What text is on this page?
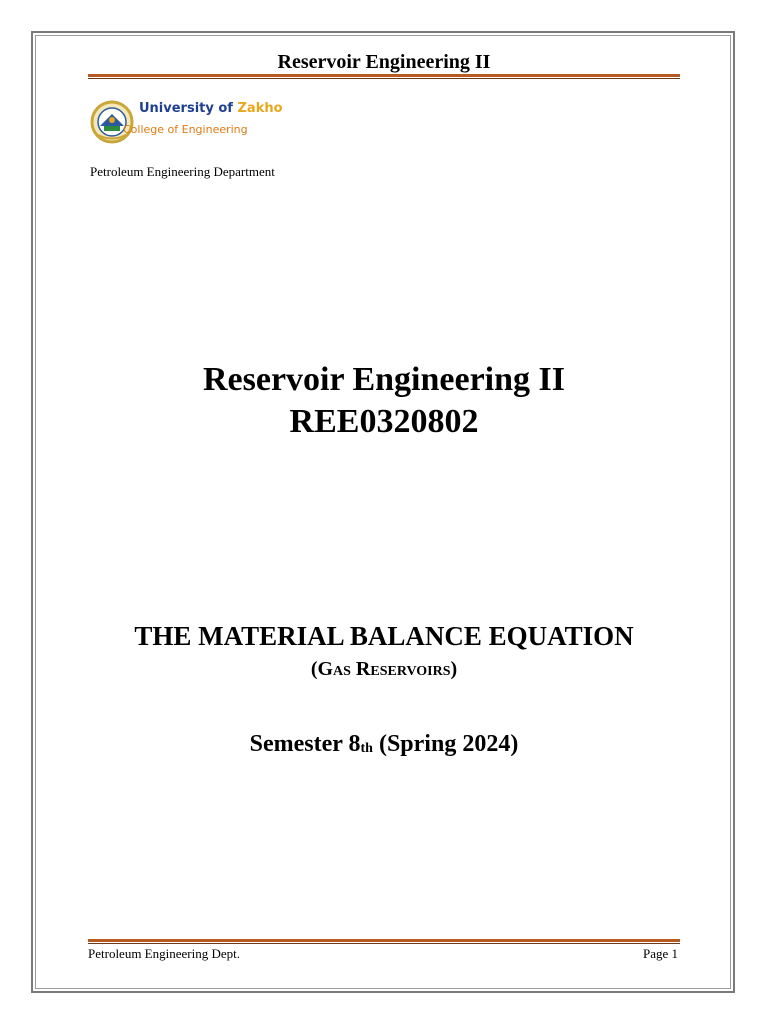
Reservoir Engineering II
University of Zakho
College of Engineering
Petroleum Engineering Department
Reservoir Engineering II
REE0320802
THE MATERIAL BALANCE EQUATION
(Gas Reservoirs)
Semester 8th (Spring 2024)
Petroleum Engineering Dept.	Page 1
